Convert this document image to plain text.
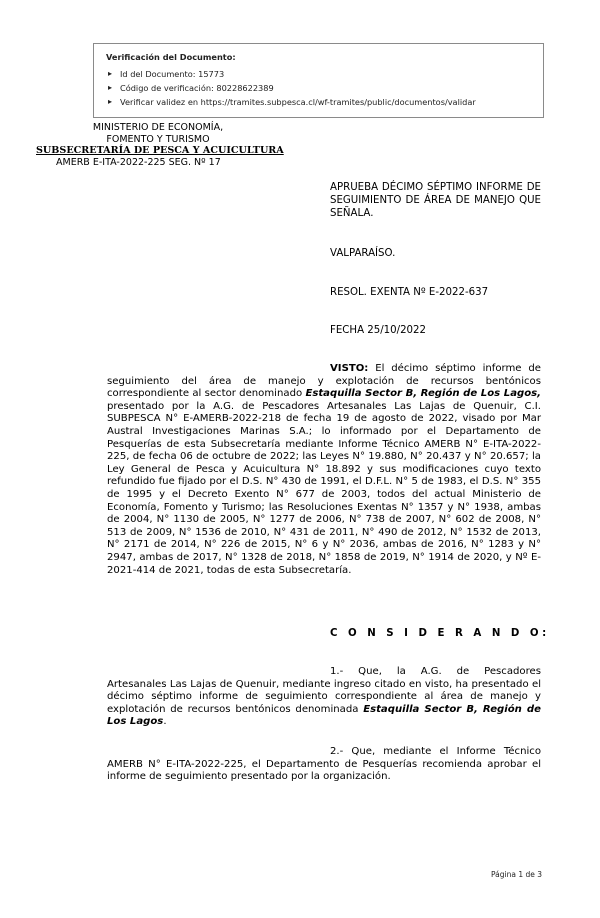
Verificación del Documento:
▸ Id del Documento: 15773
▸ Código de verificación: 80228622389
▸ Verificar validez en https://tramites.subpesca.cl/wf-tramites/public/documentos/validar
MINISTERIO DE ECONOMÍA,
FOMENTO Y TURISMO
SUBSECRETARÍA DE PESCA Y ACUICULTURA
AMERB E-ITA-2022-225 SEG. Nº 17
APRUEBA DÉCIMO SÉPTIMO INFORME DE SEGUIMIENTO DE ÁREA DE MANEJO QUE SEÑALA.
VALPARAÍSO.
RESOL. EXENTA Nº E-2022-637
FECHA 25/10/2022
VISTO: El décimo séptimo informe de seguimiento del área de manejo y explotación de recursos bentónicos correspondiente al sector denominado Estaquilla Sector B, Región de Los Lagos, presentado por la A.G. de Pescadores Artesanales Las Lajas de Quenuir, C.I. SUBPESCA N° E-AMERB-2022-218 de fecha 19 de agosto de 2022, visado por Mar Austral Investigaciones Marinas S.A.; lo informado por el Departamento de Pesquerías de esta Subsecretaría mediante Informe Técnico AMERB N° E-ITA-2022-225, de fecha 06 de octubre de 2022; las Leyes N° 19.880, N° 20.437 y N° 20.657; la Ley General de Pesca y Acuicultura N° 18.892 y sus modificaciones cuyo texto refundido fue fijado por el D.S. N° 430 de 1991, el D.F.L. N° 5 de 1983, el D.S. N° 355 de 1995 y el Decreto Exento N° 677 de 2003, todos del actual Ministerio de Economía, Fomento y Turismo; las Resoluciones Exentas N° 1357 y N° 1938, ambas de 2004, N° 1130 de 2005, N° 1277 de 2006, N° 738 de 2007, N° 602 de 2008, N° 513 de 2009, N° 1536 de 2010, N° 431 de 2011, N° 490 de 2012, N° 1532 de 2013, N° 2171 de 2014, N° 226 de 2015, N° 6 y N° 2036, ambas de 2016, N° 1283 y N° 2947, ambas de 2017, N° 1328 de 2018, N° 1858 de 2019, N° 1914 de 2020, y Nº E-2021-414 de 2021, todas de esta Subsecretaría.
C O N S I D E R A N D O:
1.- Que, la A.G. de Pescadores Artesanales Las Lajas de Quenuir, mediante ingreso citado en visto, ha presentado el décimo séptimo informe de seguimiento correspondiente al área de manejo y explotación de recursos bentónicos denominada Estaquilla Sector B, Región de Los Lagos.
2.- Que, mediante el Informe Técnico AMERB N° E-ITA-2022-225, el Departamento de Pesquerías recomienda aprobar el informe de seguimiento presentado por la organización.
Página 1 de 3
